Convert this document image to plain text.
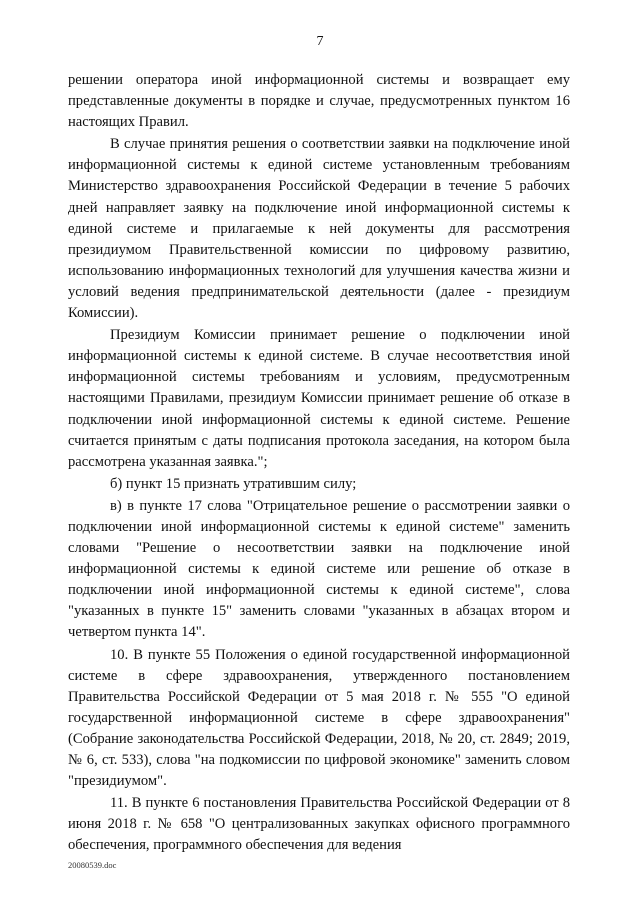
7

решении оператора иной информационной системы и возвращает ему представленные документы в порядке и случае, предусмотренных пунктом 16 настоящих Правил.

В случае принятия решения о соответствии заявки на подключение иной информационной системы к единой системе установленным требованиям Министерство здравоохранения Российской Федерации в течение 5 рабочих дней направляет заявку на подключение иной информационной системы к единой системе и прилагаемые к ней документы для рассмотрения президиумом Правительственной комиссии по цифровому развитию, использованию информационных технологий для улучшения качества жизни и условий ведения предпринимательской деятельности (далее - президиум Комиссии).

Президиум Комиссии принимает решение о подключении иной информационной системы к единой системе. В случае несоответствия иной информационной системы требованиям и условиям, предусмотренным настоящими Правилами, президиум Комиссии принимает решение об отказе в подключении иной информационной системы к единой системе. Решение считается принятым с даты подписания протокола заседания, на котором была рассмотрена указанная заявка.";

б) пункт 15 признать утратившим силу;

в) в пункте 17 слова "Отрицательное решение о рассмотрении заявки о подключении иной информационной системы к единой системе" заменить словами "Решение о несоответствии заявки на подключение иной информационной системы к единой системе или решение об отказе в подключении иной информационной системы к единой системе", слова "указанных в пункте 15" заменить словами "указанных в абзацах втором и четвертом пункта 14".

10. В пункте 55 Положения о единой государственной информационной системе в сфере здравоохранения, утвержденного постановлением Правительства Российской Федерации от 5 мая 2018 г. № 555 "О единой государственной информационной системе в сфере здравоохранения" (Собрание законодательства Российской Федерации, 2018, № 20, ст. 2849; 2019, № 6, ст. 533), слова "на подкомиссии по цифровой экономике" заменить словом "президиумом".

11. В пункте 6 постановления Правительства Российской Федерации от 8 июня 2018 г. № 658 "О централизованных закупках офисного программного обеспечения, программного обеспечения для ведения

20080539.doc
